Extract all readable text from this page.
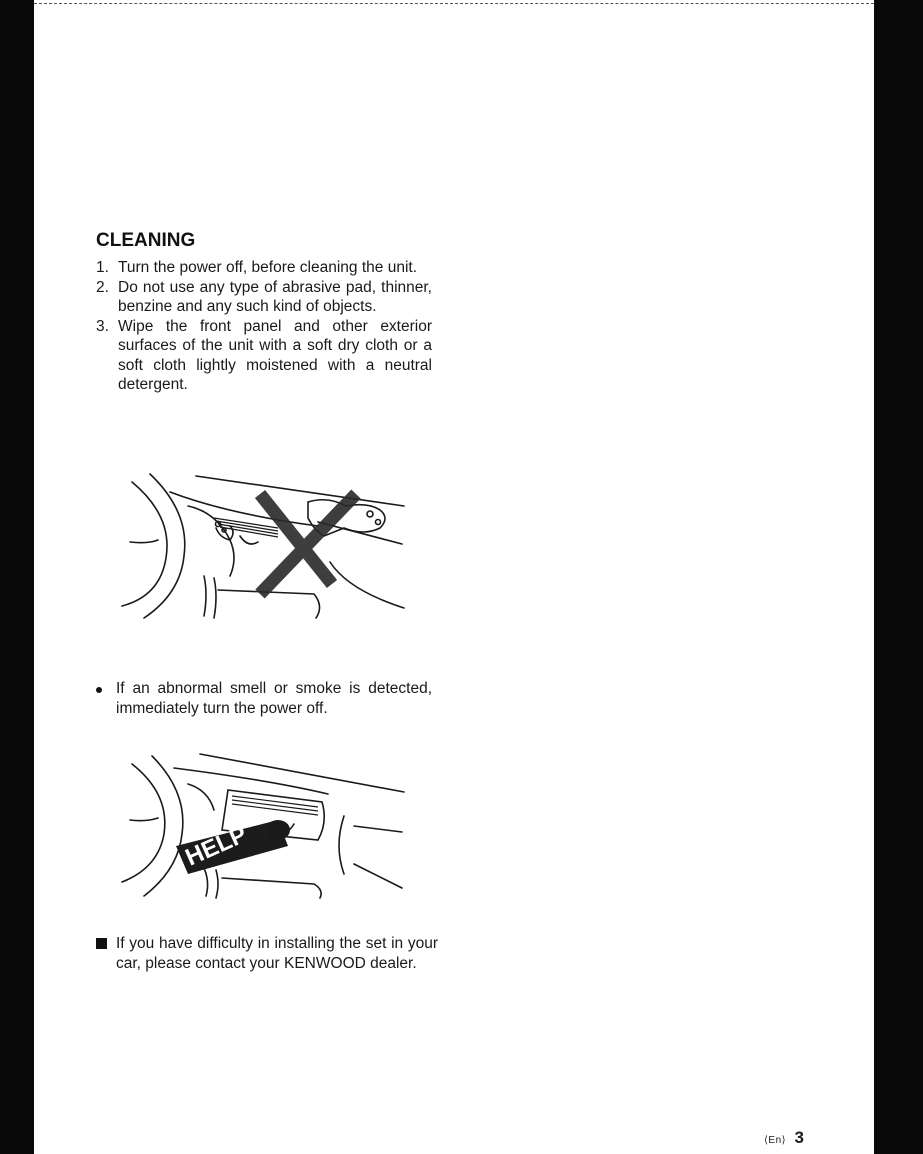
CLEANING
1. Turn the power off, before cleaning the unit.
2. Do not use any type of abrasive pad, thinner, benzine and any such kind of objects.
3. Wipe the front panel and other exterior surfaces of the unit with a soft dry cloth or a soft cloth lightly moistened with a neutral detergent.
If an abnormal smell or smoke is detected, immediately turn the power off.
HELP
If you have difficulty in installing the set in your car, please contact your KENWOOD dealer.
⟨En⟩ 3
